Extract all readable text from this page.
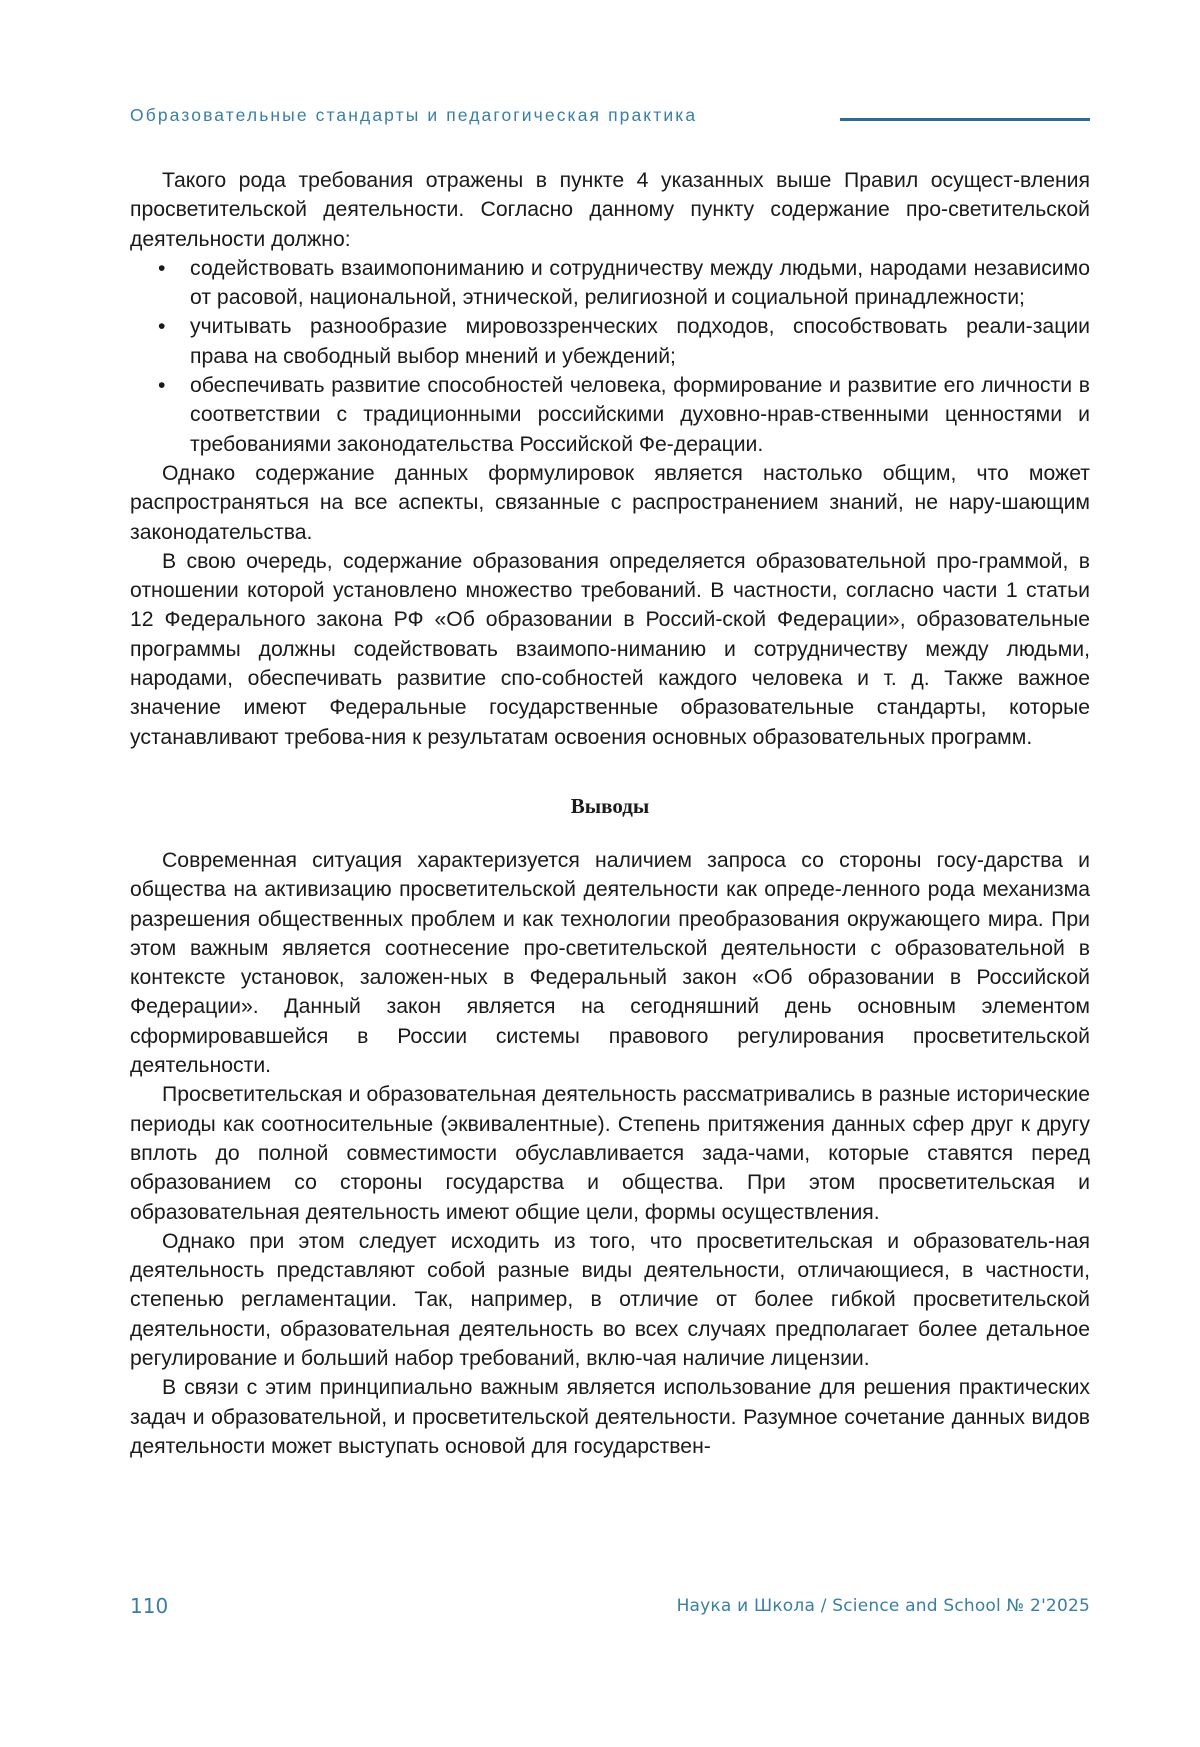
Образовательные стандарты и педагогическая практика

Такого рода требования отражены в пункте 4 указанных выше Правил осущест-вления просветительской деятельности. Согласно данному пункту содержание про-светительской деятельности должно:

• содействовать взаимопониманию и сотрудничеству между людьми, народами независимо от расовой, национальной, этнической, религиозной и социальной принадлежности;
• учитывать разнообразие мировоззренческих подходов, способствовать реали-зации права на свободный выбор мнений и убеждений;
• обеспечивать развитие способностей человека, формирование и развитие его личности в соответствии с традиционными российскими духовно-нрав-ственными ценностями и требованиями законодательства Российской Фе-дерации.

Однако содержание данных формулировок является настолько общим, что может распространяться на все аспекты, связанные с распространением знаний, не нару-шающим законодательства.

В свою очередь, содержание образования определяется образовательной про-граммой, в отношении которой установлено множество требований. В частности, согласно части 1 статьи 12 Федерального закона РФ «Об образовании в Россий-ской Федерации», образовательные программы должны содействовать взаимопо-ниманию и сотрудничеству между людьми, народами, обеспечивать развитие спо-собностей каждого человека и т. д. Также важное значение имеют Федеральные государственные образовательные стандарты, которые устанавливают требова-ния к результатам освоения основных образовательных программ.

Выводы

Современная ситуация характеризуется наличием запроса со стороны госу-дарства и общества на активизацию просветительской деятельности как опреде-ленного рода механизма разрешения общественных проблем и как технологии преобразования окружающего мира. При этом важным является соотнесение про-светительской деятельности с образовательной в контексте установок, заложен-ных в Федеральный закон «Об образовании в Российской Федерации». Данный закон является на сегодняшний день основным элементом сформировавшейся в России системы правового регулирования просветительской деятельности.

Просветительская и образовательная деятельность рассматривались в разные исторические периоды как соотносительные (эквивалентные). Степень притяжения данных сфер друг к другу вплоть до полной совместимости обуславливается зада-чами, которые ставятся перед образованием со стороны государства и общества. При этом просветительская и образовательная деятельность имеют общие цели, формы осуществления.

Однако при этом следует исходить из того, что просветительская и образователь-ная деятельность представляют собой разные виды деятельности, отличающиеся, в частности, степенью регламентации. Так, например, в отличие от более гибкой просветительской деятельности, образовательная деятельность во всех случаях предполагает более детальное регулирование и больший набор требований, вклю-чая наличие лицензии.

В связи с этим принципиально важным является использование для решения практических задач и образовательной, и просветительской деятельности. Разумное сочетание данных видов деятельности может выступать основой для государствен-

110	Наука и Школа / Science and School № 2'2025
